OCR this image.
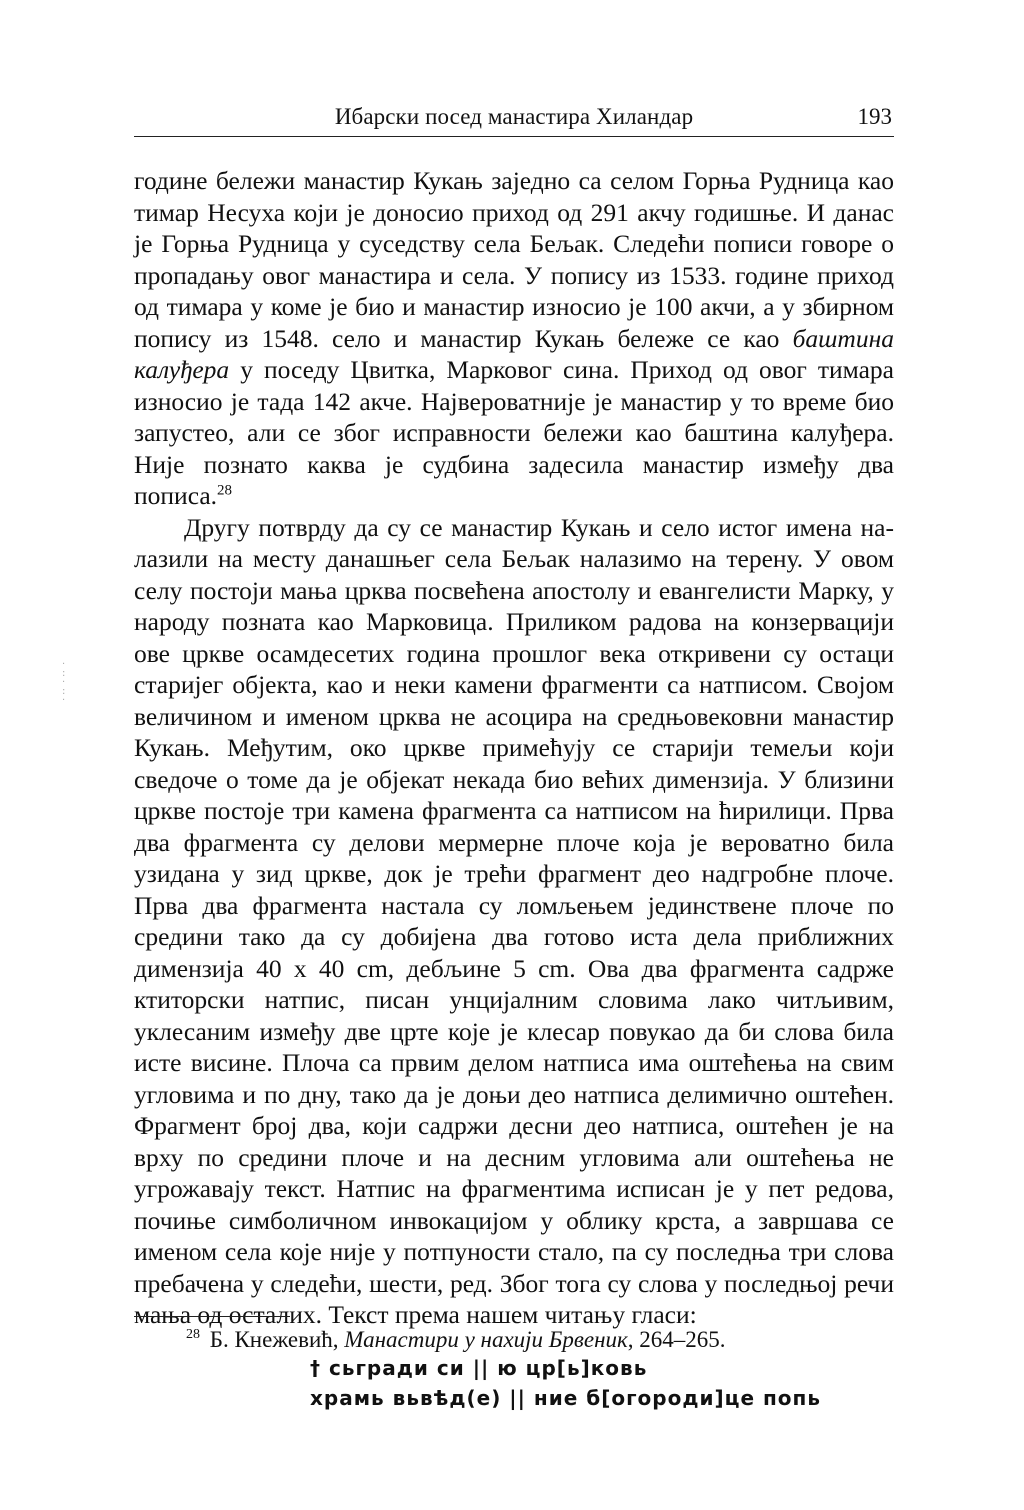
·
:
·
:
·
Ибарски посед манастира Хиландар	193

године бележи манастир Кукањ заједно са селом Горња Рудница као тимар Несуха који је доносио приход од 291 акчу годишње. И данас је Горња Рудница у суседству села Бељак. Следећи пописи говоре о пропадању овог манастира и села. У попису из 1533. године приход од тимара у коме је био и манастир износио је 100 акчи, а у збирном попису из 1548. село и манастир Кукањ бележе се као баштина калуђера у поседу Цвитка, Марковог сина. Приход од овог тимара износио је тада 142 акче. Највероватније је манастир у то време био запустео, али се због исправности бележи као баштина калуђера. Није познато каква је судбина задесила манастир између два пописа.$^{28}$

Другу потврду да су се манастир Кукањ и село истог имена налазили на месту данашњег села Бељак налазимо на терену. У овом селу постоји мања црква посвећена апостолу и евангелисти Марку, у народу позната као Марковица. Приликом радова на конзервацији ове цркве осамдесетих година прошлог века откривени су остаци старијег објекта, као и неки камени фрагменти са натписом. Својом величином и именом црква не асоцира на средњовековни манастир Кукањ. Међутим, око цркве примећују се старији темељи који сведоче о томе да је објекат некада био већих димензија. У близини цркве постоје три камена фрагмента са натписом на ћирилици. Прва два фрагмента су делови мермерне плоче која је вероватно била узидана у зид цркве, док је трећи фрагмент део надгробне плоче. Прва два фрагмента настала су ломљењем јединствене плоче по средини тако да су добијена два готово иста дела приближних димензија 40 x 40 cm, дебљине 5 cm. Ова два фрагмента садрже ктиторски натпис, писан унцијалним словима лако читљивим, уклесаним између две црте које је клесар повукао да би слова била исте висине. Плоча са првим делом натписа има оштећења на свим угловима и по дну, тако да је доњи део натписа делимично оштећен. Фрагмент број два, који садржи десни део натписа, оштећен је на врху по средини плоче и на десним угловима али оштећења не угрожавају текст. Натпис на фрагментима исписан је у пет редова, почиње симболичном инвокацијом у облику крста, а завршава се именом села које није у потпуности стало, па су последња три слова пребачена у следећи, шести, ред. Због тога су слова у последњој речи мања од осталих. Текст према нашем читању гласи:

† сьгради си || ю цр[ь]ковь
храмь вьвѣд(е) || ниe б[огороди]це попь
$^{28}$ Б. Кнежевић, Манастири у нахији Брвеник, 264–265.
